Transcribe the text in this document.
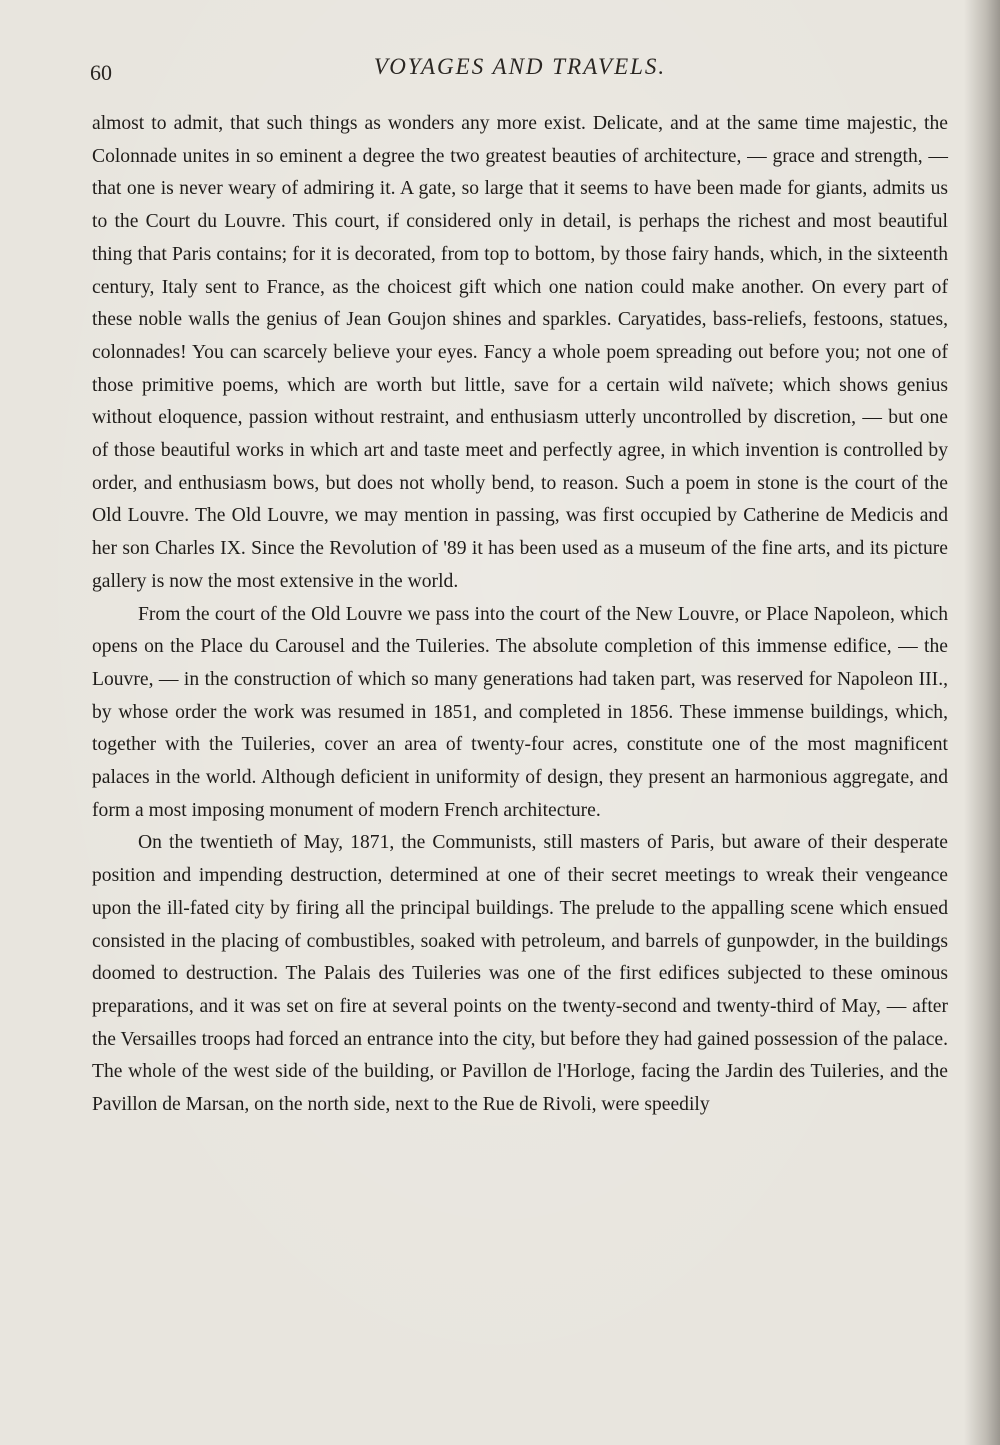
60	VOYAGES AND TRAVELS.

almost to admit, that such things as wonders any more exist. Delicate, and at the same time majestic, the Colonnade unites in so eminent a degree the two greatest beauties of architecture, — grace and strength, — that one is never weary of admiring it. A gate, so large that it seems to have been made for giants, admits us to the Court du Louvre. This court, if considered only in detail, is perhaps the richest and most beautiful thing that Paris contains; for it is decorated, from top to bottom, by those fairy hands, which, in the sixteenth century, Italy sent to France, as the choicest gift which one nation could make another. On every part of these noble walls the genius of Jean Goujon shines and sparkles. Caryatides, bass-reliefs, festoons, statues, colonnades! You can scarcely believe your eyes. Fancy a whole poem spreading out before you; not one of those primitive poems, which are worth but little, save for a certain wild naïvete; which shows genius without eloquence, passion without restraint, and enthusiasm utterly uncontrolled by discretion, — but one of those beautiful works in which art and taste meet and perfectly agree, in which invention is controlled by order, and enthusiasm bows, but does not wholly bend, to reason. Such a poem in stone is the court of the Old Louvre. The Old Louvre, we may mention in passing, was first occupied by Catherine de Medicis and her son Charles IX. Since the Revolution of '89 it has been used as a museum of the fine arts, and its picture gallery is now the most extensive in the world.

From the court of the Old Louvre we pass into the court of the New Louvre, or Place Napoleon, which opens on the Place du Carousel and the Tuileries. The absolute completion of this immense edifice, — the Louvre, — in the construction of which so many generations had taken part, was reserved for Napoleon III., by whose order the work was resumed in 1851, and completed in 1856. These immense buildings, which, together with the Tuileries, cover an area of twenty-four acres, constitute one of the most magnificent palaces in the world. Although deficient in uniformity of design, they present an harmonious aggregate, and form a most imposing monument of modern French architecture.

On the twentieth of May, 1871, the Communists, still masters of Paris, but aware of their desperate position and impending destruction, determined at one of their secret meetings to wreak their vengeance upon the ill-fated city by firing all the principal buildings. The prelude to the appalling scene which ensued consisted in the placing of combustibles, soaked with petroleum, and barrels of gunpowder, in the buildings doomed to destruction. The Palais des Tuileries was one of the first edifices subjected to these ominous preparations, and it was set on fire at several points on the twenty-second and twenty-third of May, — after the Versailles troops had forced an entrance into the city, but before they had gained possession of the palace. The whole of the west side of the building, or Pavillon de l'Horloge, facing the Jardin des Tuileries, and the Pavillon de Marsan, on the north side, next to the Rue de Rivoli, were speedily
